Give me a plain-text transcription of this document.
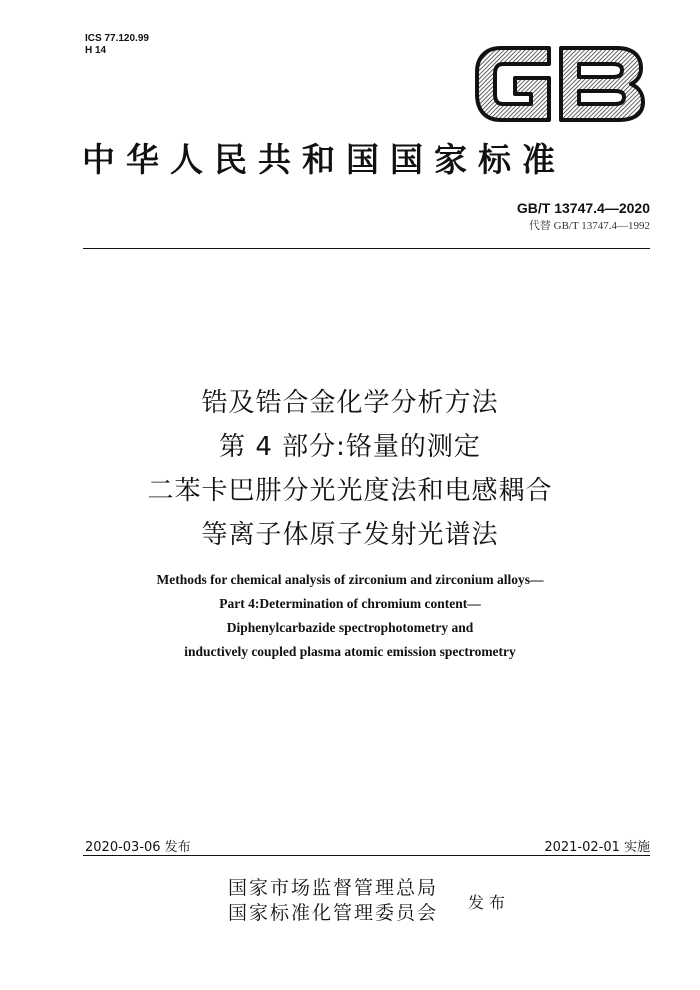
ICS 77.120.99
H 14
中华人民共和国国家标准
GB/T 13747.4—2020
代替 GB/T 13747.4—1992
锆及锆合金化学分析方法
第 4 部分:铬量的测定
二苯卡巴肼分光光度法和电感耦合
等离子体原子发射光谱法
Methods for chemical analysis of zirconium and zirconium alloys—
Part 4:Determination of chromium content—
Diphenylcarbazide spectrophotometry and
inductively coupled plasma atomic emission spectrometry
2020-03-06 发布	2021-02-01 实施
国家市场监督管理总局
国家标准化管理委员会 发布
